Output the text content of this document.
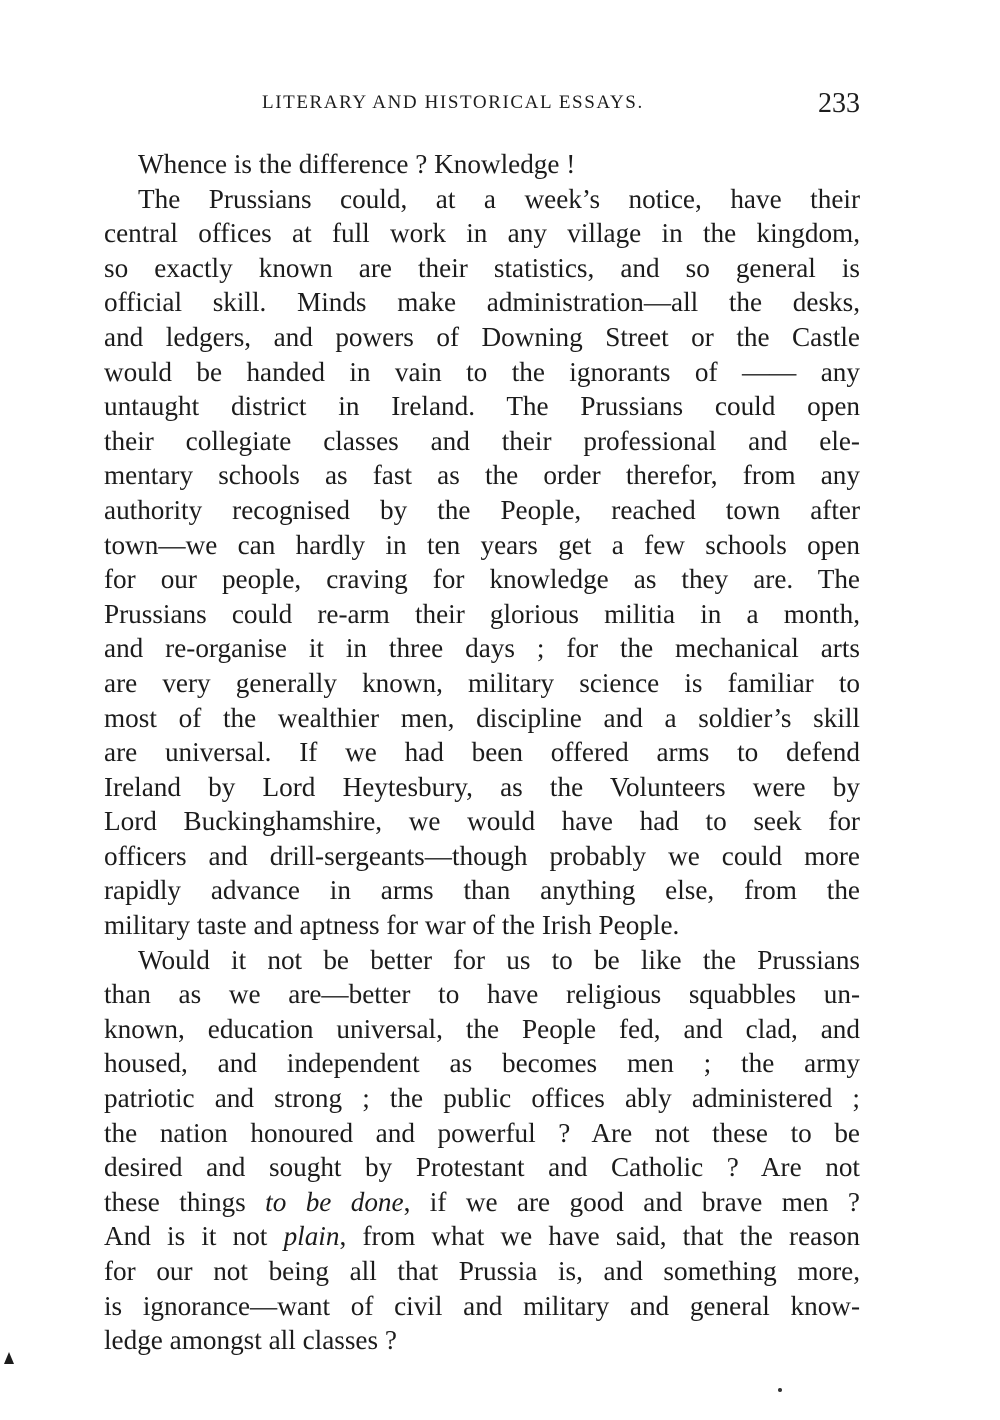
LITERARY AND HISTORICAL ESSAYS.	233
Whence is the difference ? Knowledge !
The Prussians could, at a week’s notice, have their
central offices at full work in any village in the kingdom,
so exactly known are their statistics, and so general is
official skill. Minds make administration—all the desks,
and ledgers, and powers of Downing Street or the Castle
would be handed in vain to the ignorants of —— any
untaught district in Ireland. The Prussians could open
their collegiate classes and their professional and ele-
mentary schools as fast as the order therefor, from any
authority recognised by the People, reached town after
town—we can hardly in ten years get a few schools open
for our people, craving for knowledge as they are. The
Prussians could re-arm their glorious militia in a month,
and re-organise it in three days ; for the mechanical arts
are very generally known, military science is familiar to
most of the wealthier men, discipline and a soldier’s skill
are universal. If we had been offered arms to defend
Ireland by Lord Heytesbury, as the Volunteers were by
Lord Buckinghamshire, we would have had to seek for
officers and drill-sergeants—though probably we could more
rapidly advance in arms than anything else, from the
military taste and aptness for war of the Irish People.
Would it not be better for us to be like the Prussians
than as we are—better to have religious squabbles un-
known, education universal, the People fed, and clad, and
housed, and independent as becomes men ; the army
patriotic and strong ; the public offices ably administered ;
the nation honoured and powerful ? Are not these to be
desired and sought by Protestant and Catholic ? Are not
these things to be done, if we are good and brave men ?
And is it not plain, from what we have said, that the reason
for our not being all that Prussia is, and something more,
is ignorance—want of civil and military and general know-
ledge amongst all classes ?
